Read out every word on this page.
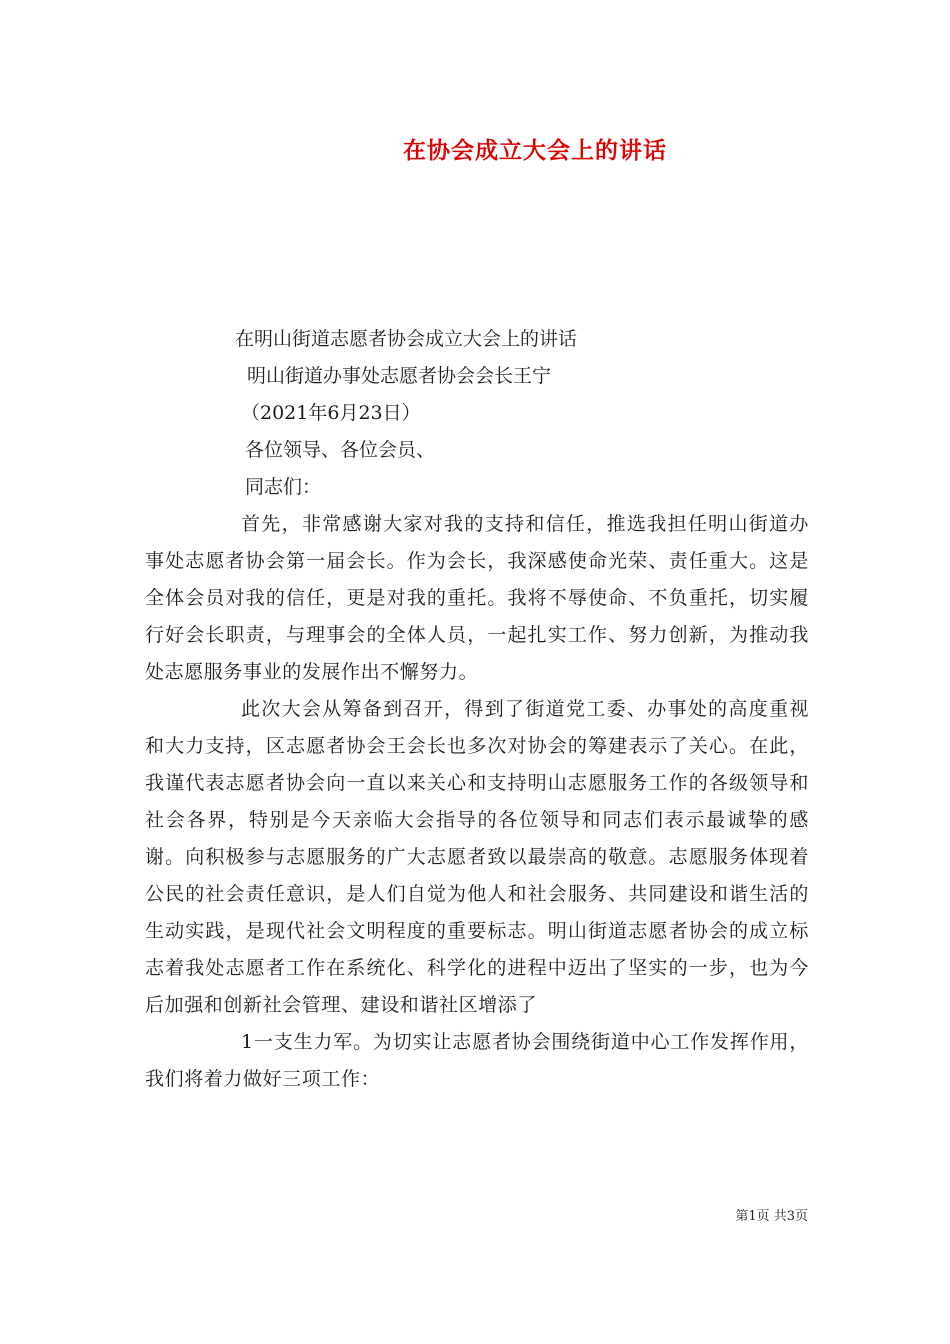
在协会成立大会上的讲话
在明山街道志愿者协会成立大会上的讲话
明山街道办事处志愿者协会会长王宁
（2021年6月23日）
各位领导、各位会员、
同志们：

首先，非常感谢大家对我的支持和信任，推选我担任明山街道办事处志愿者协会第一届会长。作为会长，我深感使命光荣、责任重大。这是全体会员对我的信任，更是对我的重托。我将不辱使命、不负重托，切实履行好会长职责，与理事会的全体人员，一起扎实工作、努力创新，为推动我处志愿服务事业的发展作出不懈努力。

此次大会从筹备到召开，得到了街道党工委、办事处的高度重视和大力支持，区志愿者协会王会长也多次对协会的筹建表示了关心。在此，我谨代表志愿者协会向一直以来关心和支持明山志愿服务工作的各级领导和社会各界，特别是今天亲临大会指导的各位领导和同志们表示最诚挚的感谢。向积极参与志愿服务的广大志愿者致以最崇高的敬意。志愿服务体现着公民的社会责任意识，是人们自觉为他人和社会服务、共同建设和谐生活的生动实践，是现代社会文明程度的重要标志。明山街道志愿者协会的成立标志着我处志愿者工作在系统化、科学化的进程中迈出了坚实的一步，也为今后加强和创新社会管理、建设和谐社区增添了

1一支生力军。为切实让志愿者协会围绕街道中心工作发挥作用，我们将着力做好三项工作：

第1页 共3页
